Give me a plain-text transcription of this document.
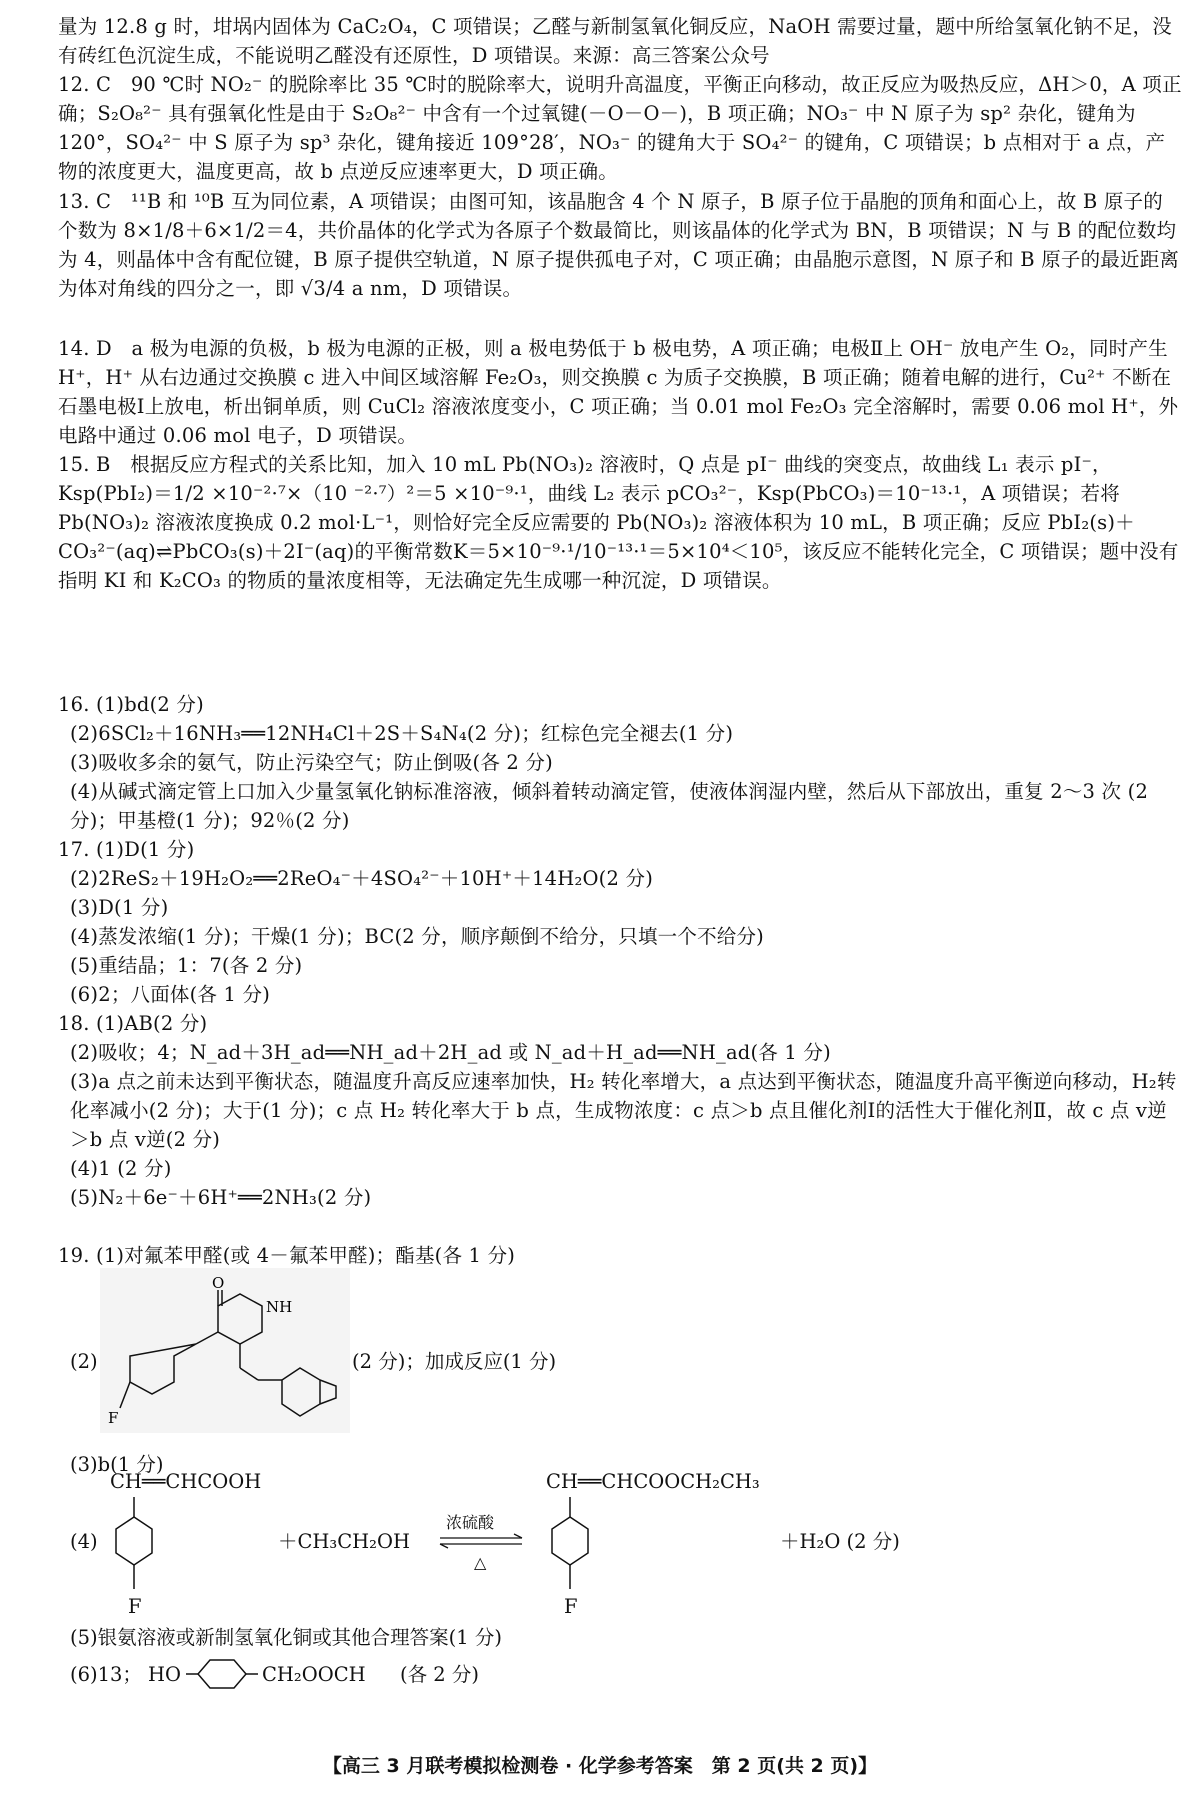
量为 12.8 g 时，坩埚内固体为 CaC₂O₄，C 项错误；乙醛与新制氢氧化铜反应，NaOH 需要过量，题中所给氢氧化钠不足，没有砖红色沉淀生成，不能说明乙醛没有还原性，D 项错误。来源：高三答案公众号
12. C　90 ℃时 NO₂⁻ 的脱除率比 35 ℃时的脱除率大，说明升高温度，平衡正向移动，故正反应为吸热反应，ΔH＞0，A 项正确；S₂O₈²⁻ 具有强氧化性是由于 S₂O₈²⁻ 中含有一个过氧键(－O－O－)，B 项正确；NO₃⁻ 中 N 原子为 sp² 杂化，键角为 120°，SO₄²⁻ 中 S 原子为 sp³ 杂化，键角接近 109°28′，NO₃⁻ 的键角大于 SO₄²⁻ 的键角，C 项错误；b 点相对于 a 点，产物的浓度更大，温度更高，故 b 点逆反应速率更大，D 项正确。
13. C　¹¹B 和 ¹⁰B 互为同位素，A 项错误；由图可知，该晶胞含 4 个 N 原子，B 原子位于晶胞的顶角和面心上，故 B 原子的个数为 8×1/8＋6×1/2＝4，共价晶体的化学式为各原子个数最简比，则该晶体的化学式为 BN，B 项错误；N 与 B 的配位数均为 4，则晶体中含有配位键，B 原子提供空轨道，N 原子提供孤电子对，C 项正确；由晶胞示意图，N 原子和 B 原子的最近距离为体对角线的四分之一，即 √3/4 a nm，D 项错误。
14. D　a 极为电源的负极，b 极为电源的正极，则 a 极电势低于 b 极电势，A 项正确；电极Ⅱ上 OH⁻ 放电产生 O₂，同时产生 H⁺，H⁺ 从右边通过交换膜 c 进入中间区域溶解 Fe₂O₃，则交换膜 c 为质子交换膜，B 项正确；随着电解的进行，Cu²⁺ 不断在石墨电极Ⅰ上放电，析出铜单质，则 CuCl₂ 溶液浓度变小，C 项正确；当 0.01 mol Fe₂O₃ 完全溶解时，需要 0.06 mol H⁺，外电路中通过 0.06 mol 电子，D 项错误。
15. B　根据反应方程式的关系比知，加入 10 mL Pb(NO₃)₂ 溶液时，Q 点是 pI⁻ 曲线的突变点，故曲线 L₁ 表示 pI⁻，Ksp(PbI₂)＝1/2 ×10⁻²·⁷×（10 ⁻²·⁷）²＝5 ×10⁻⁹·¹，曲线 L₂ 表示 pCO₃²⁻，Ksp(PbCO₃)＝10⁻¹³·¹，A 项错误；若将 Pb(NO₃)₂ 溶液浓度换成 0.2 mol·L⁻¹，则恰好完全反应需要的 Pb(NO₃)₂ 溶液体积为 10 mL，B 项正确；反应 PbI₂(s)＋CO₃²⁻(aq)⇌PbCO₃(s)＋2I⁻(aq)的平衡常数K＝5×10⁻⁹·¹/10⁻¹³·¹＝5×10⁴＜10⁵，该反应不能转化完全，C 项错误；题中没有指明 KI 和 K₂CO₃ 的物质的量浓度相等，无法确定先生成哪一种沉淀，D 项错误。
16. (1)bd(2 分)
(2)6SCl₂＋16NH₃══12NH₄Cl＋2S＋S₄N₄(2 分)；红棕色完全褪去(1 分)
(3)吸收多余的氨气，防止污染空气；防止倒吸(各 2 分)
(4)从碱式滴定管上口加入少量氢氧化钠标准溶液，倾斜着转动滴定管，使液体润湿内壁，然后从下部放出，重复 2～3 次 (2 分)；甲基橙(1 分)；92％(2 分)
17. (1)D(1 分)
(2)2ReS₂＋19H₂O₂══2ReO₄⁻＋4SO₄²⁻＋10H⁺＋14H₂O(2 分)
(3)D(1 分)
(4)蒸发浓缩(1 分)；干燥(1 分)；BC(2 分，顺序颠倒不给分，只填一个不给分)
(5)重结晶；1：7(各 2 分)
(6)2；八面体(各 1 分)
18. (1)AB(2 分)
(2)吸收；4；N_ad＋3H_ad══NH_ad＋2H_ad 或 N_ad＋H_ad══NH_ad(各 1 分)
(3)a 点之前未达到平衡状态，随温度升高反应速率加快，H₂ 转化率增大，a 点达到平衡状态，随温度升高平衡逆向移动，H₂转化率减小(2 分)；大于(1 分)；c 点 H₂ 转化率大于 b 点，生成物浓度：c 点＞b 点且催化剂Ⅰ的活性大于催化剂Ⅱ，故 c 点 v逆＞b 点 v逆(2 分)
(4)1 (2 分)
(5)N₂＋6e⁻＋6H⁺══2NH₃(2 分)
19. (1)对氟苯甲醛(或 4－氟苯甲醛)；酯基(各 1 分)
(2)
O
NH
F
(2 分)；加成反应(1 分)
(3)b(1 分)
CH══CHCOOH
(4)
F
＋CH₃CH₂OH
浓硫酸
△
CH══CHCOOCH₂CH₃
F
＋H₂O (2 分)
(5)银氨溶液或新制氢氧化铜或其他合理答案(1 分)
(6)13； HO	CH₂OOCH (各 2 分)
【高三 3 月联考模拟检测卷 · 化学参考答案　第 2 页(共 2 页)】
